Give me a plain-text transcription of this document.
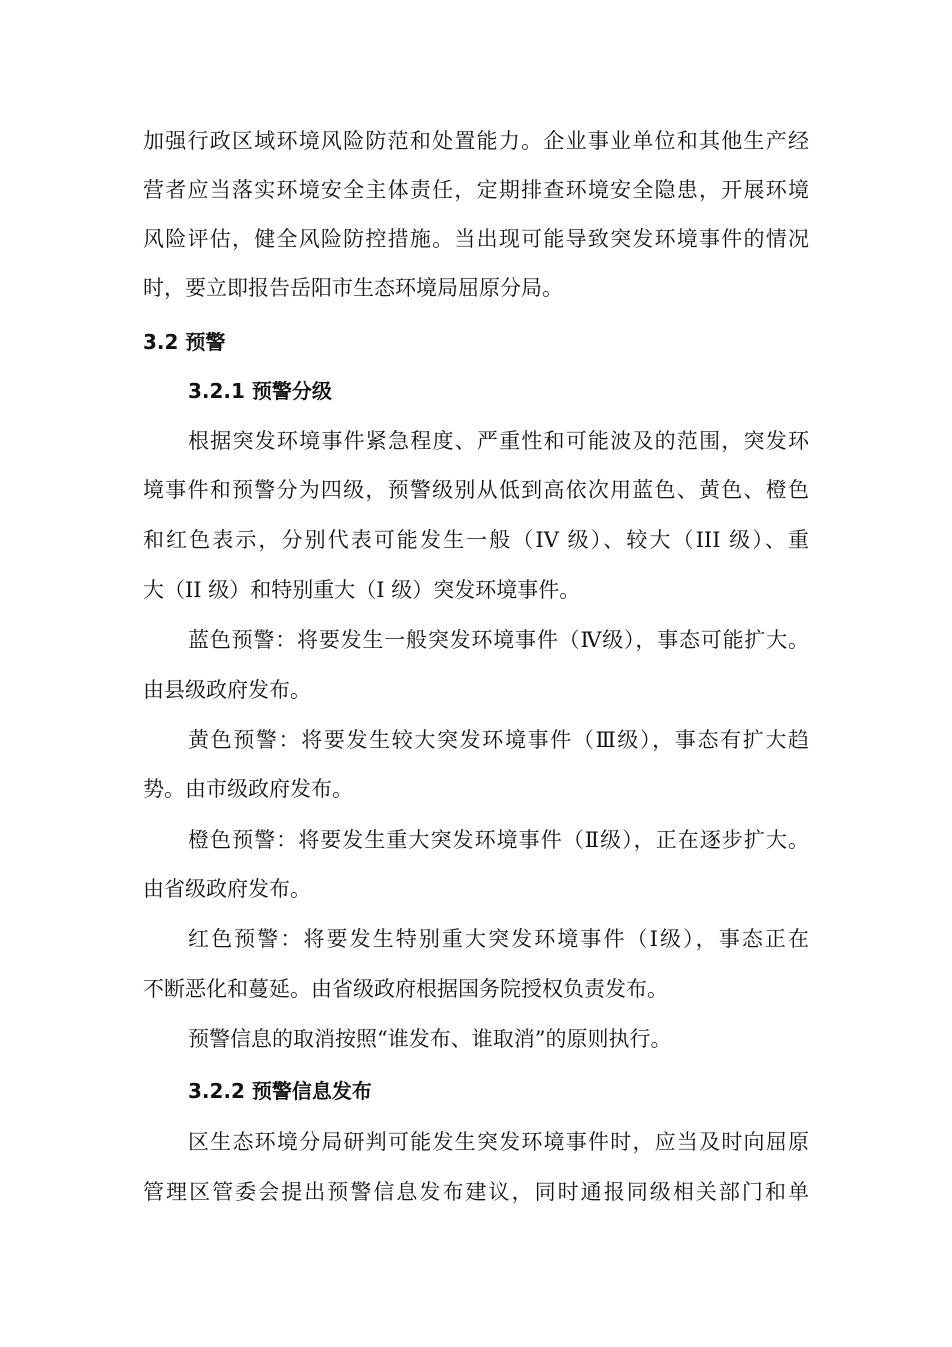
加强行政区域环境风险防范和处置能力。企业事业单位和其他生产经
营者应当落实环境安全主体责任，定期排查环境安全隐患，开展环境
风险评估，健全风险防控措施。当出现可能导致突发环境事件的情况
时，要立即报告岳阳市生态环境局屈原分局。
3.2 预警
3.2.1 预警分级
根据突发环境事件紧急程度、严重性和可能波及的范围，突发环
境事件和预警分为四级，预警级别从低到高依次用蓝色、黄色、橙色
和红色表示，分别代表可能发生一般（IV 级）、较大（III 级）、重
大（II 级）和特别重大（I 级）突发环境事件。
蓝色预警：将要发生一般突发环境事件（Ⅳ级），事态可能扩大。
由县级政府发布。
黄色预警：将要发生较大突发环境事件（Ⅲ级），事态有扩大趋
势。由市级政府发布。
橙色预警：将要发生重大突发环境事件（Ⅱ级），正在逐步扩大。
由省级政府发布。
红色预警：将要发生特别重大突发环境事件（Ⅰ级），事态正在
不断恶化和蔓延。由省级政府根据国务院授权负责发布。
预警信息的取消按照“谁发布、谁取消”的原则执行。
3.2.2 预警信息发布
区生态环境分局研判可能发生突发环境事件时，应当及时向屈原
管理区管委会提出预警信息发布建议，同时通报同级相关部门和单
